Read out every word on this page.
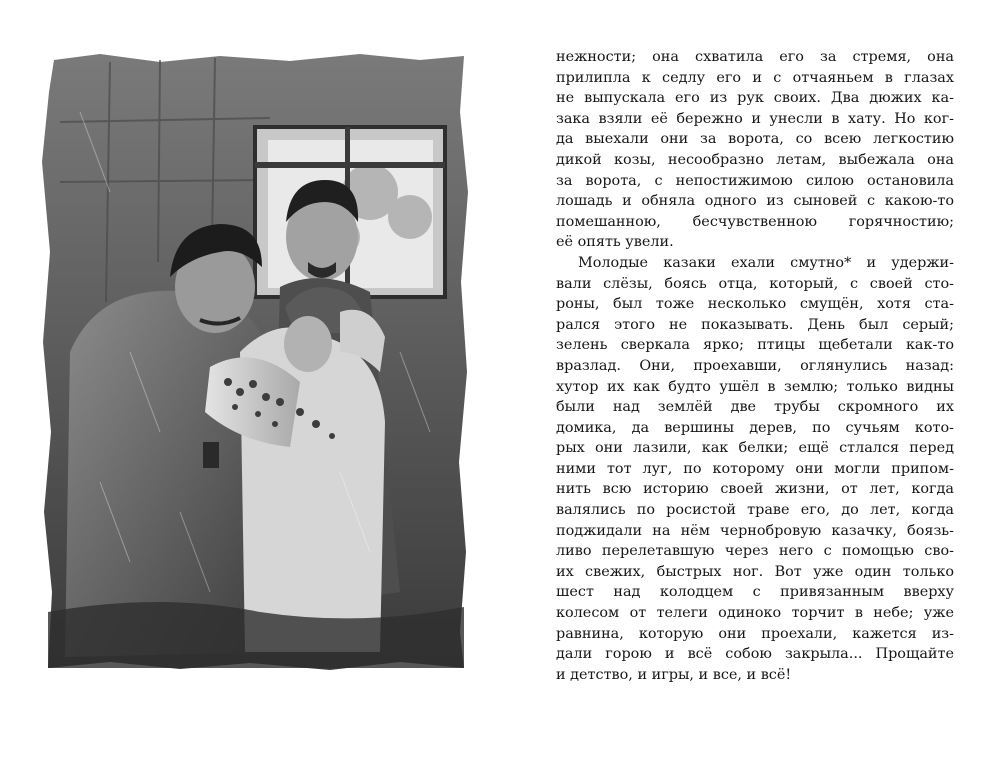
нежности; она схватила его за стремя, она
прилипла к седлу его и с отчаяньем в глазах
не выпускала его из рук своих. Два дюжих ка-
зака взяли её бережно и унесли в хату. Но ког-
да выехали они за ворота, со всею легкостию
дикой козы, несообразно летам, выбежала она
за ворота, с непостижимою силою остановила
лошадь и обняла одного из сыновей с какою-то
помешанною, бесчувственною горячностию;
её опять увели.
Молодые казаки ехали смутно* и удержи-
вали слёзы, боясь отца, который, с своей сто-
роны, был тоже несколько смущён, хотя ста-
рался этого не показывать. День был серый;
зелень сверкала ярко; птицы щебетали как-то
вразлад. Они, проехавши, оглянулись назад:
хутор их как будто ушёл в землю; только видны
были над землёй две трубы скромного их
домика, да вершины дерев, по сучьям кото-
рых они лазили, как белки; ещё стлался перед
ними тот луг, по которому они могли припом-
нить всю историю своей жизни, от лет, когда
валялись по росистой траве его, до лет, когда
поджидали на нём чернобровую казачку, боязь-
ливо перелетавшую через него с помощью сво-
их свежих, быстрых ног. Вот уже один только
шест над колодцем с привязанным вверху
колесом от телеги одиноко торчит в небе; уже
равнина, которую они проехали, кажется из-
дали горою и всё собою закрыла... Прощайте
и детство, и игры, и все, и всё!
